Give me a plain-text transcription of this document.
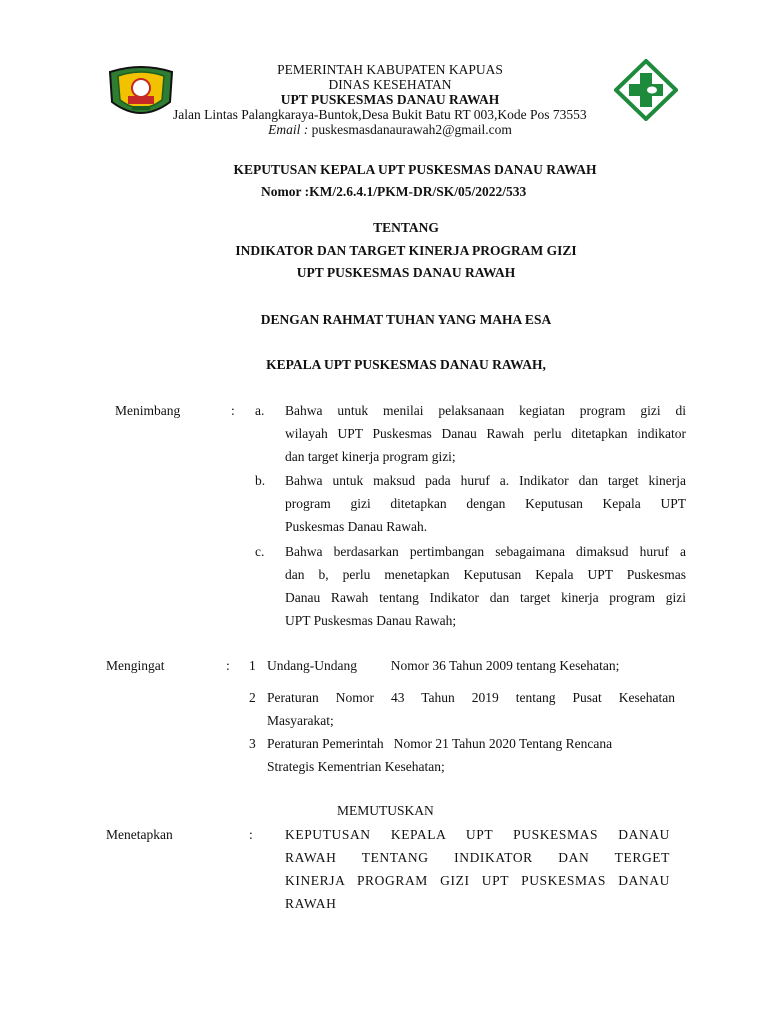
PEMERINTAH KABUPATEN KAPUAS
DINAS KESEHATAN
UPT PUSKESMAS DANAU RAWAH
Jalan Lintas Palangkaraya-Buntok,Desa Bukit Batu RT 003,Kode Pos 73553
Email : puskesmasdanaurawah2@gmail.com
KEPUTUSAN KEPALA UPT PUSKESMAS DANAU RAWAH
Nomor :KM/2.6.4.1/PKM-DR/SK/05/2022/533
TENTANG
INDIKATOR DAN TARGET KINERJA PROGRAM GIZI
UPT PUSKESMAS DANAU RAWAH
DENGAN RAHMAT TUHAN YANG MAHA ESA
KEPALA UPT PUSKESMAS DANAU RAWAH,
Menimbang	: a. Bahwa untuk menilai pelaksanaan kegiatan program gizi di
wilayah UPT Puskesmas Danau Rawah perlu ditetapkan indikator
dan target kinerja program gizi;
b. Bahwa untuk maksud pada huruf a. Indikator dan target kinerja
program gizi ditetapkan dengan Keputusan Kepala UPT
Puskesmas Danau Rawah.
c. Bahwa berdasarkan pertimbangan sebagaimana dimaksud huruf a
dan b, perlu menetapkan Keputusan Kepala UPT Puskesmas
Danau Rawah tentang Indikator dan target kinerja program gizi
UPT Puskesmas Danau Rawah;
Mengingat	: 1 Undang-Undang          Nomor 36 Tahun 2009 tentang Kesehatan;
2 Peraturan Nomor 43 Tahun 2019 tentang Pusat Kesehatan
Masyarakat;
3 Peraturan Pemerintah   Nomor 21 Tahun 2020 Tentang Rencana
Strategis Kementrian Kesehatan;
MEMUTUSKAN
Menetapkan	: KEPUTUSAN KEPALA UPT PUSKESMAS DANAU
RAWAH TENTANG INDIKATOR DAN TERGET
KINERJA PROGRAM GIZI UPT PUSKESMAS DANAU
RAWAH
